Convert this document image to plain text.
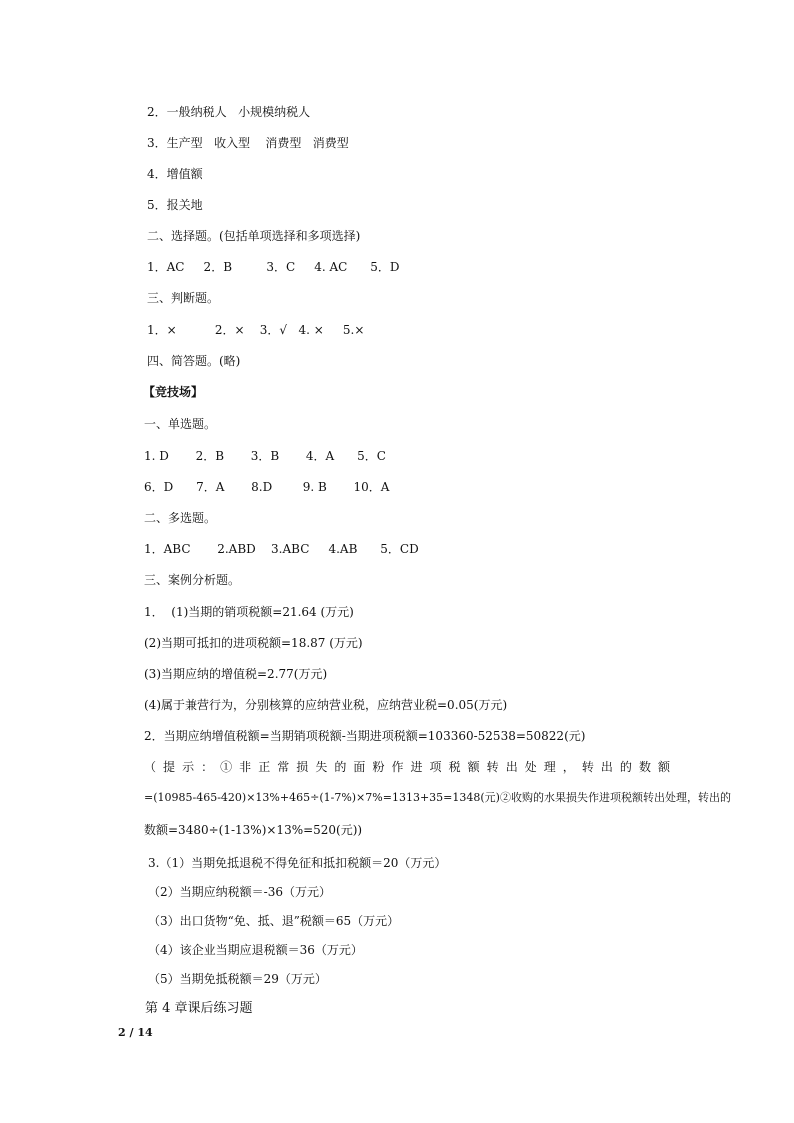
2．一般纳税人   小规模纳税人
3．生产型   收入型    消费型   消费型
4．增值额
5．报关地
二、选择题。(包括单项选择和多项选择)
1．AC     2．B         3．C     4. AC      5．D
三、判断题。
1．×          2．×    3．√   4. ×     5.×
四、简答题。(略)
【竞技场】
一、单选题。
1. D       2．B       3．B       4．A      5．C
6．D      7．A       8.D        9. B       10．A
二、多选题。
1．ABC       2.ABD    3.ABC     4.AB      5．CD
三、案例分析题。
1．  (1)当期的销项税额=21.64 (万元)
(2)当期可抵扣的进项税额=18.87 (万元)
(3)当期应纳的增值税=2.77(万元)
(4)属于兼营行为，分别核算的应纳营业税，应纳营业税=0.05(万元)
2．当期应纳增值税额=当期销项税额-当期进项税额=103360-52538=50822(元)
（提示：①非正常损失的面粉作进项税额转出处理，转出的数额
=(10985-465-420)×13%+465÷(1-7%)×7%=1313+35=1348(元)②收购的水果损失作进项税额转出处理，转出的
数额=3480÷(1-13%)×13%=520(元))
3.（1）当期免抵退税不得免征和抵扣税额＝20（万元）
（2）当期应纳税额＝-36（万元）
（3）出口货物“免、抵、退”税额＝65（万元）
（4）该企业当期应退税额＝36（万元）
（5）当期免抵税额＝29（万元）
第 4 章课后练习题
2 / 14
